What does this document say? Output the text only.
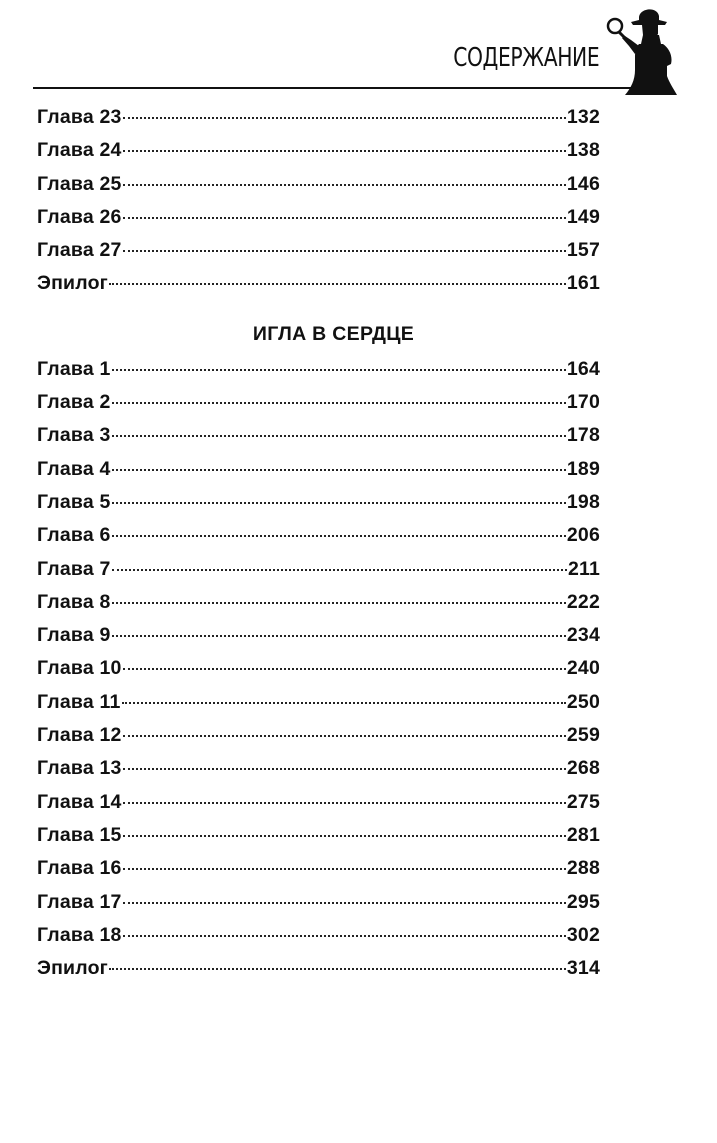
СОДЕРЖАНИЕ
Глава 23	132
Глава 24	138
Глава 25	146
Глава 26	149
Глава 27	157
Эпилог	161
ИГЛА В СЕРДЦЕ
Глава 1	164
Глава 2	170
Глава 3	178
Глава 4	189
Глава 5	198
Глава 6	206
Глава 7	211
Глава 8	222
Глава 9	234
Глава 10	240
Глава 11	250
Глава 12	259
Глава 13	268
Глава 14	275
Глава 15	281
Глава 16	288
Глава 17	295
Глава 18	302
Эпилог	314
